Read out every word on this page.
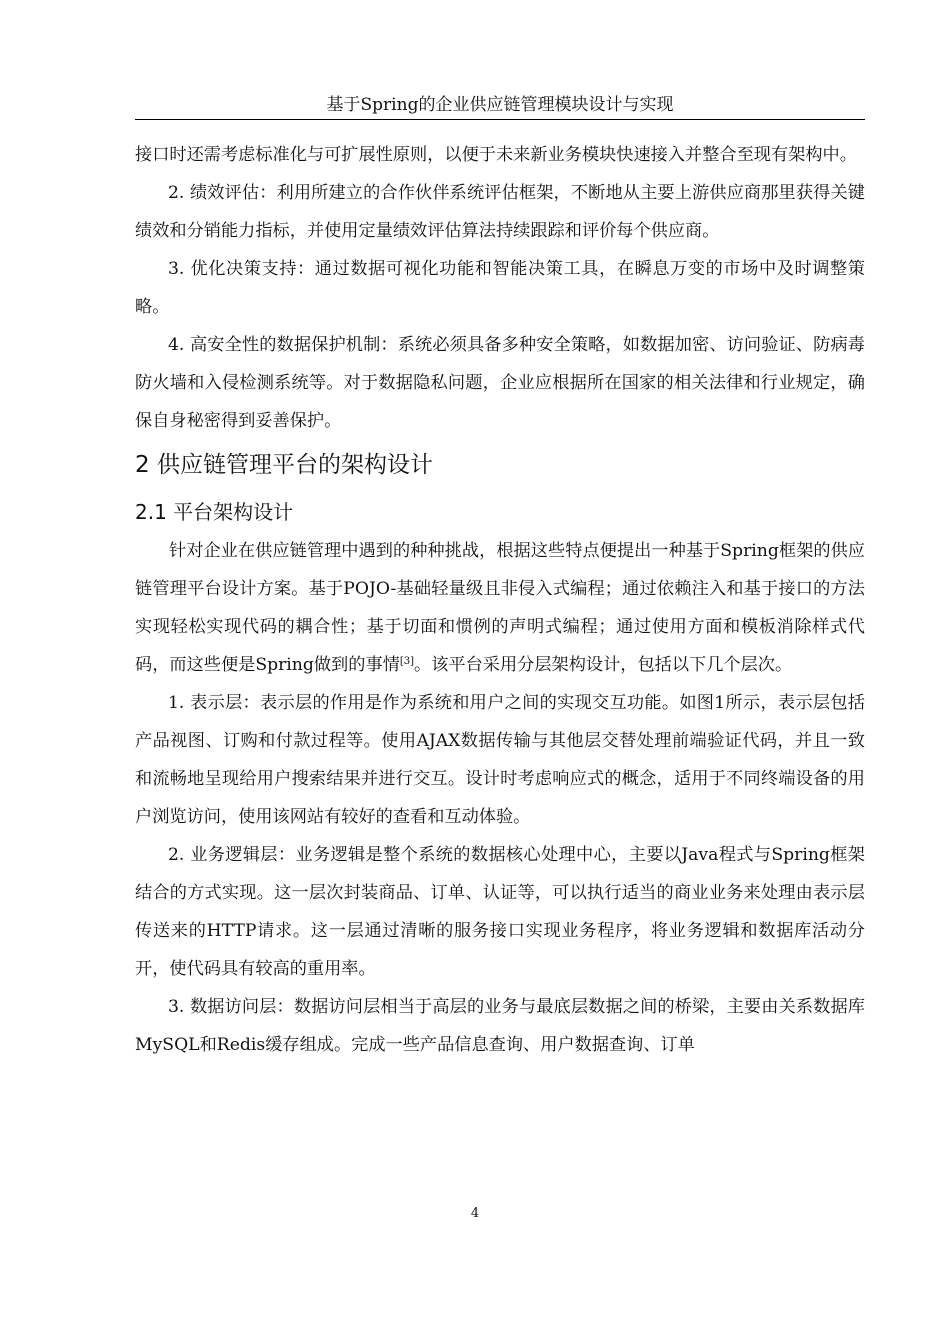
基于Spring的企业供应链管理模块设计与实现

接口时还需考虑标准化与可扩展性原则，以便于未来新业务模块快速接入并整合至现有架构中。

2. 绩效评估：利用所建立的合作伙伴系统评估框架，不断地从主要上游供应商那里获得关键绩效和分销能力指标，并使用定量绩效评估算法持续跟踪和评价每个供应商。

3. 优化决策支持：通过数据可视化功能和智能决策工具，在瞬息万变的市场中及时调整策略。

4. 高安全性的数据保护机制：系统必须具备多种安全策略，如数据加密、访问验证、防病毒防火墙和入侵检测系统等。对于数据隐私问题，企业应根据所在国家的相关法律和行业规定，确保自身秘密得到妥善保护。

2 供应链管理平台的架构设计
2.1 平台架构设计

针对企业在供应链管理中遇到的种种挑战，根据这些特点便提出一种基于Spring框架的供应链管理平台设计方案。基于POJO-基础轻量级且非侵入式编程；通过依赖注入和基于接口的方法实现轻松实现代码的耦合性；基于切面和惯例的声明式编程；通过使用方面和模板消除样式代码，而这些便是Spring做到的事情[3]。该平台采用分层架构设计，包括以下几个层次。

1. 表示层：表示层的作用是作为系统和用户之间的实现交互功能。如图1所示，表示层包括产品视图、订购和付款过程等。使用AJAX数据传输与其他层交替处理前端验证代码，并且一致和流畅地呈现给用户搜索结果并进行交互。设计时考虑响应式的概念，适用于不同终端设备的用户浏览访问，使用该网站有较好的查看和互动体验。

2. 业务逻辑层：业务逻辑是整个系统的数据核心处理中心，主要以Java程式与Spring框架结合的方式实现。这一层次封装商品、订单、认证等，可以执行适当的商业业务来处理由表示层传送来的HTTP请求。这一层通过清晰的服务接口实现业务程序，将业务逻辑和数据库活动分开，使代码具有较高的重用率。

3. 数据访问层：数据访问层相当于高层的业务与最底层数据之间的桥梁，主要由关系数据库MySQL和Redis缓存组成。完成一些产品信息查询、用户数据查询、订单

4
